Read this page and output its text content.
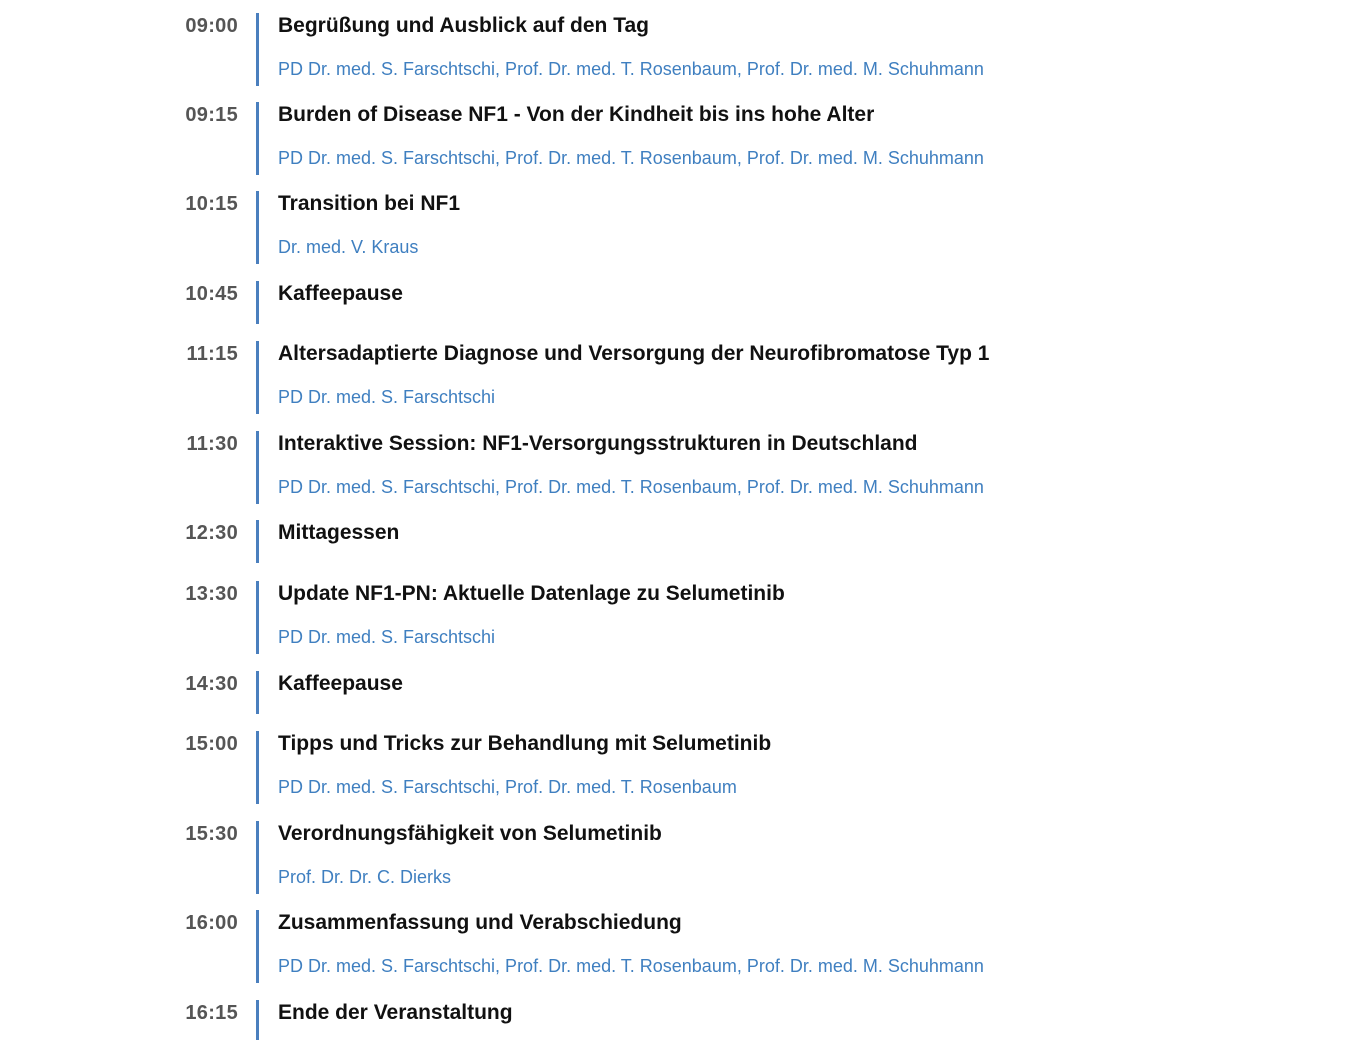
09:00 Begrüßung und Ausblick auf den Tag
PD Dr. med. S. Farschtschi, Prof. Dr. med. T. Rosenbaum, Prof. Dr. med. M. Schuhmann
09:15 Burden of Disease NF1 - Von der Kindheit bis ins hohe Alter
PD Dr. med. S. Farschtschi, Prof. Dr. med. T. Rosenbaum, Prof. Dr. med. M. Schuhmann
10:15 Transition bei NF1
Dr. med. V. Kraus
10:45 Kaffeepause
11:15 Altersadaptierte Diagnose und Versorgung der Neurofibromatose Typ 1
PD Dr. med. S. Farschtschi
11:30 Interaktive Session: NF1-Versorgungsstrukturen in Deutschland
PD Dr. med. S. Farschtschi, Prof. Dr. med. T. Rosenbaum, Prof. Dr. med. M. Schuhmann
12:30 Mittagessen
13:30 Update NF1-PN: Aktuelle Datenlage zu Selumetinib
PD Dr. med. S. Farschtschi
14:30 Kaffeepause
15:00 Tipps und Tricks zur Behandlung mit Selumetinib
PD Dr. med. S. Farschtschi, Prof. Dr. med. T. Rosenbaum
15:30 Verordnungsfähigkeit von Selumetinib
Prof. Dr. Dr. C. Dierks
16:00 Zusammenfassung und Verabschiedung
PD Dr. med. S. Farschtschi, Prof. Dr. med. T. Rosenbaum, Prof. Dr. med. M. Schuhmann
16:15 Ende der Veranstaltung
